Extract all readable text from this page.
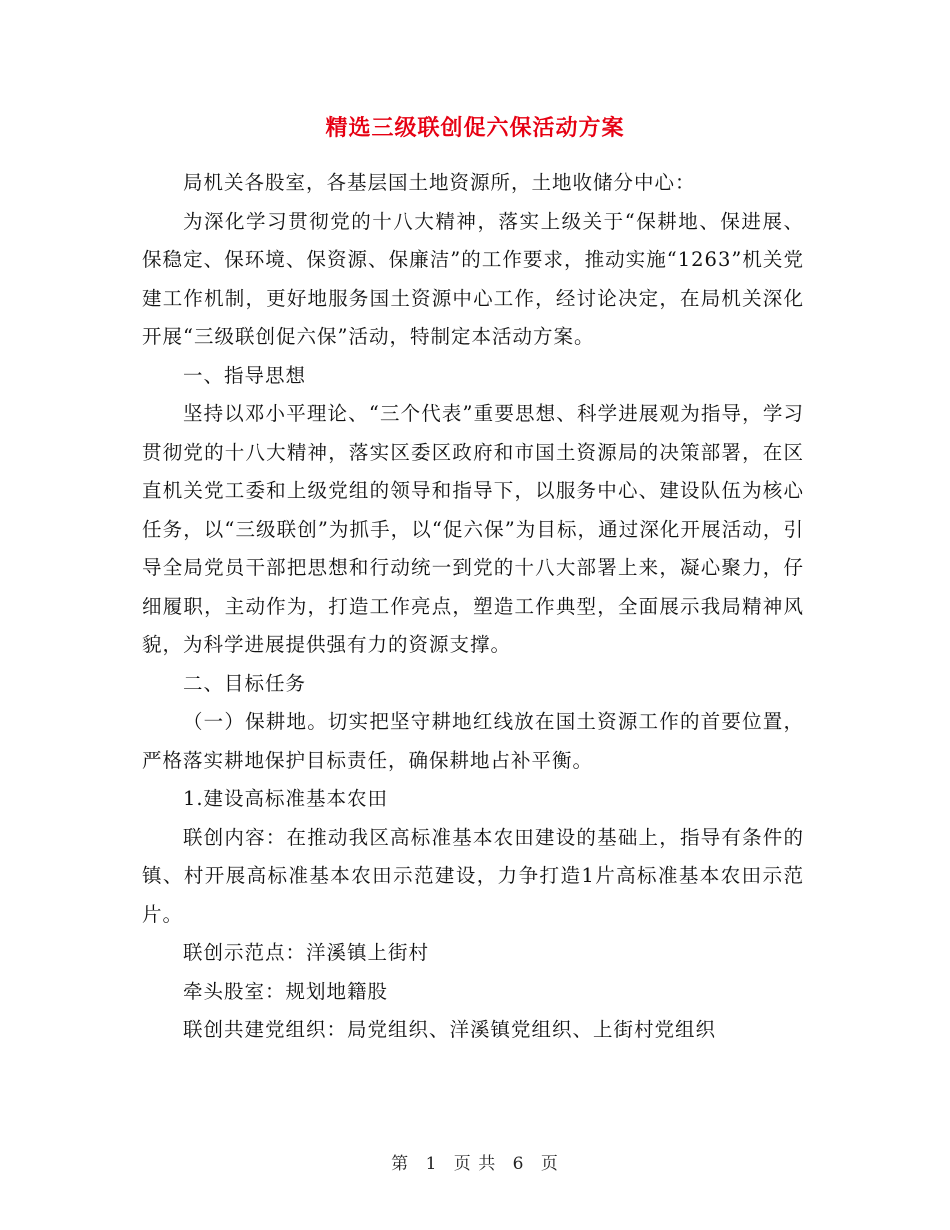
精选三级联创促六保活动方案

局机关各股室，各基层国土地资源所，土地收储分中心：

为深化学习贯彻党的十八大精神，落实上级关于“保耕地、保进展、保稳定、保环境、保资源、保廉洁”的工作要求，推动实施“1263”机关党建工作机制，更好地服务国土资源中心工作，经讨论决定，在局机关深化开展“三级联创促六保”活动，特制定本活动方案。

一、指导思想

坚持以邓小平理论、“三个代表”重要思想、科学进展观为指导，学习贯彻党的十八大精神，落实区委区政府和市国土资源局的决策部署，在区直机关党工委和上级党组的领导和指导下，以服务中心、建设队伍为核心任务，以“三级联创”为抓手，以“促六保”为目标，通过深化开展活动，引导全局党员干部把思想和行动统一到党的十八大部署上来，凝心聚力，仔细履职，主动作为，打造工作亮点，塑造工作典型，全面展示我局精神风貌，为科学进展提供强有力的资源支撑。

二、目标任务

（一）保耕地。切实把坚守耕地红线放在国土资源工作的首要位置，严格落实耕地保护目标责任，确保耕地占补平衡。

1.建设高标准基本农田

联创内容：在推动我区高标准基本农田建设的基础上，指导有条件的镇、村开展高标准基本农田示范建设，力争打造1片高标准基本农田示范片。

联创示范点：洋溪镇上街村

牵头股室：规划地籍股

联创共建党组织：局党组织、洋溪镇党组织、上街村党组织

第 1 页 共 6 页
